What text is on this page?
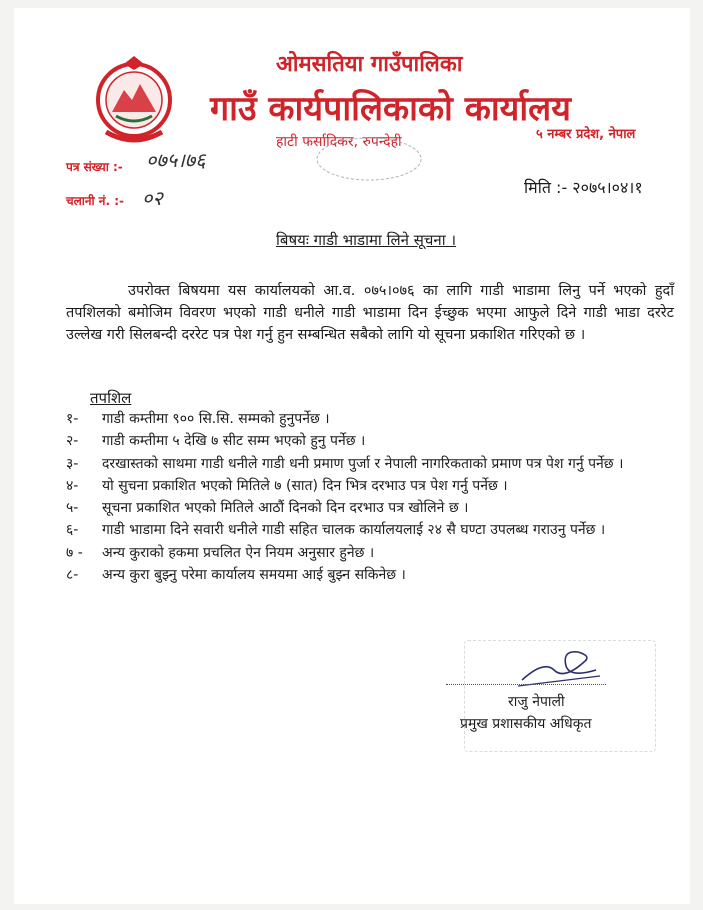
ओमसतिया गाउँपालिका
गाउँ कार्यपालिकाको कार्यालय
हाटी फर्सादिकर, रुपन्देही	५ नम्बर प्रदेश, नेपाल
पत्र संख्या :- ०७५।७६
चलानी नं. :- ०२	मिति :- २०७५।०४।१
बिषयः गाडी भाडामा लिने सूचना ।

उपरोक्त बिषयमा यस कार्यालयको आ.व. ०७५।०७६ का लागि गाडी भाडामा लिनु पर्ने भएको हुदाँ तपशिलको बमोजिम विवरण भएको गाडी धनीले गाडी भाडामा दिन ईच्छुक भएमा आफुले दिने गाडी भाडा दररेट उल्लेख गरी सिलबन्दी दररेट पत्र पेश गर्नु हुन सम्बन्धित सबैको लागि यो सूचना प्रकाशित गरिएको छ ।

तपशिल
१-	गाडी कम्तीमा ९०० सि.सि. सम्मको हुनुपर्नेछ ।
२-	गाडी कम्तीमा ५ देखि ७ सीट सम्म भएको हुनु पर्नेछ ।
३-	दरखास्तको साथमा गाडी धनीले गाडी धनी प्रमाण पुर्जा र नेपाली नागरिकताको प्रमाण पत्र पेश गर्नु पर्नेछ ।
४-	यो सुचना प्रकाशित भएको मितिले ७ (सात) दिन भित्र दरभाउ पत्र पेश गर्नु पर्नेछ ।
५-	सूचना प्रकाशित भएको मितिले आठौं दिनको दिन दरभाउ पत्र खोलिने छ ।
६-	गाडी भाडामा दिने सवारी धनीले गाडी सहित चालक कार्यालयलाई २४ सै घण्टा उपलब्ध गराउनु पर्नेछ ।
७ -	अन्य कुराको हकमा प्रचलित ऐन नियम अनुसार हुनेछ ।
८-	अन्य कुरा बुझ्नु परेमा कार्यालय समयमा आई बुझ्न सकिनेछ ।
राजु नेपाली
प्रमुख प्रशासकीय अधिकृत
